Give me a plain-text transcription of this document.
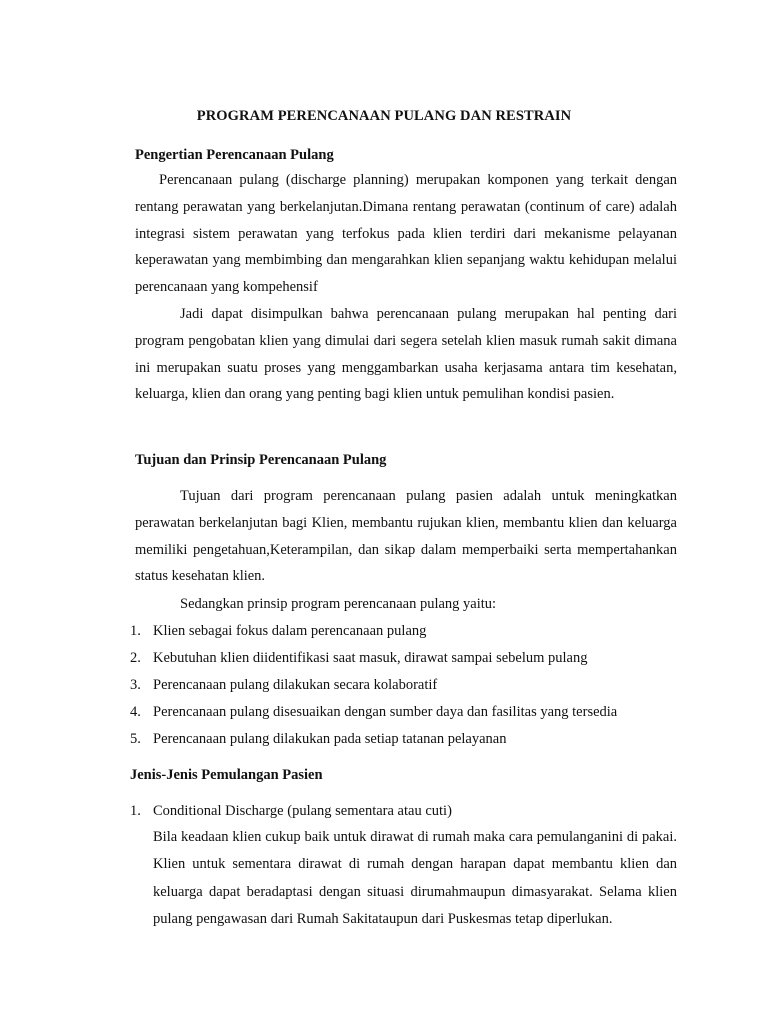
PROGRAM PERENCANAAN PULANG DAN RESTRAIN
Pengertian Perencanaan Pulang

Perencanaan pulang (discharge planning) merupakan komponen yang terkait dengan rentang perawatan yang berkelanjutan.Dimana rentang perawatan (continum of care) adalah integrasi sistem perawatan yang terfokus pada klien terdiri dari mekanisme pelayanan keperawatan yang membimbing dan mengarahkan klien sepanjang waktu kehidupan melalui perencanaan yang kompehensif

Jadi dapat disimpulkan bahwa perencanaan pulang merupakan hal penting dari program pengobatan klien yang dimulai dari segera setelah klien masuk rumah sakit dimana ini merupakan suatu proses yang menggambarkan usaha kerjasama antara tim kesehatan, keluarga, klien dan orang yang penting bagi klien untuk pemulihan kondisi pasien.

Tujuan dan Prinsip Perencanaan Pulang

Tujuan dari program perencanaan pulang pasien adalah untuk meningkatkan perawatan berkelanjutan bagi Klien, membantu rujukan klien, membantu klien dan keluarga memiliki pengetahuan,Keterampilan, dan sikap dalam memperbaiki serta mempertahankan status kesehatan klien.

Sedangkan prinsip program perencanaan pulang yaitu:
1. Klien sebagai fokus dalam perencanaan pulang
2. Kebutuhan klien diidentifikasi saat masuk, dirawat sampai sebelum pulang
3. Perencanaan pulang dilakukan secara kolaboratif
4. Perencanaan pulang disesuaikan dengan sumber daya dan fasilitas yang tersedia
5. Perencanaan pulang dilakukan pada setiap tatanan pelayanan
Jenis-Jenis Pemulangan Pasien
1. Conditional Discharge (pulang sementara atau cuti)

Bila keadaan klien cukup baik untuk dirawat di rumah maka cara pemulanganini di pakai. Klien untuk sementara dirawat di rumah dengan harapan dapat membantu klien dan keluarga dapat beradaptasi dengan situasi dirumahmaupun dimasyarakat. Selama klien pulang pengawasan dari Rumah Sakitataupun dari Puskesmas tetap diperlukan.
